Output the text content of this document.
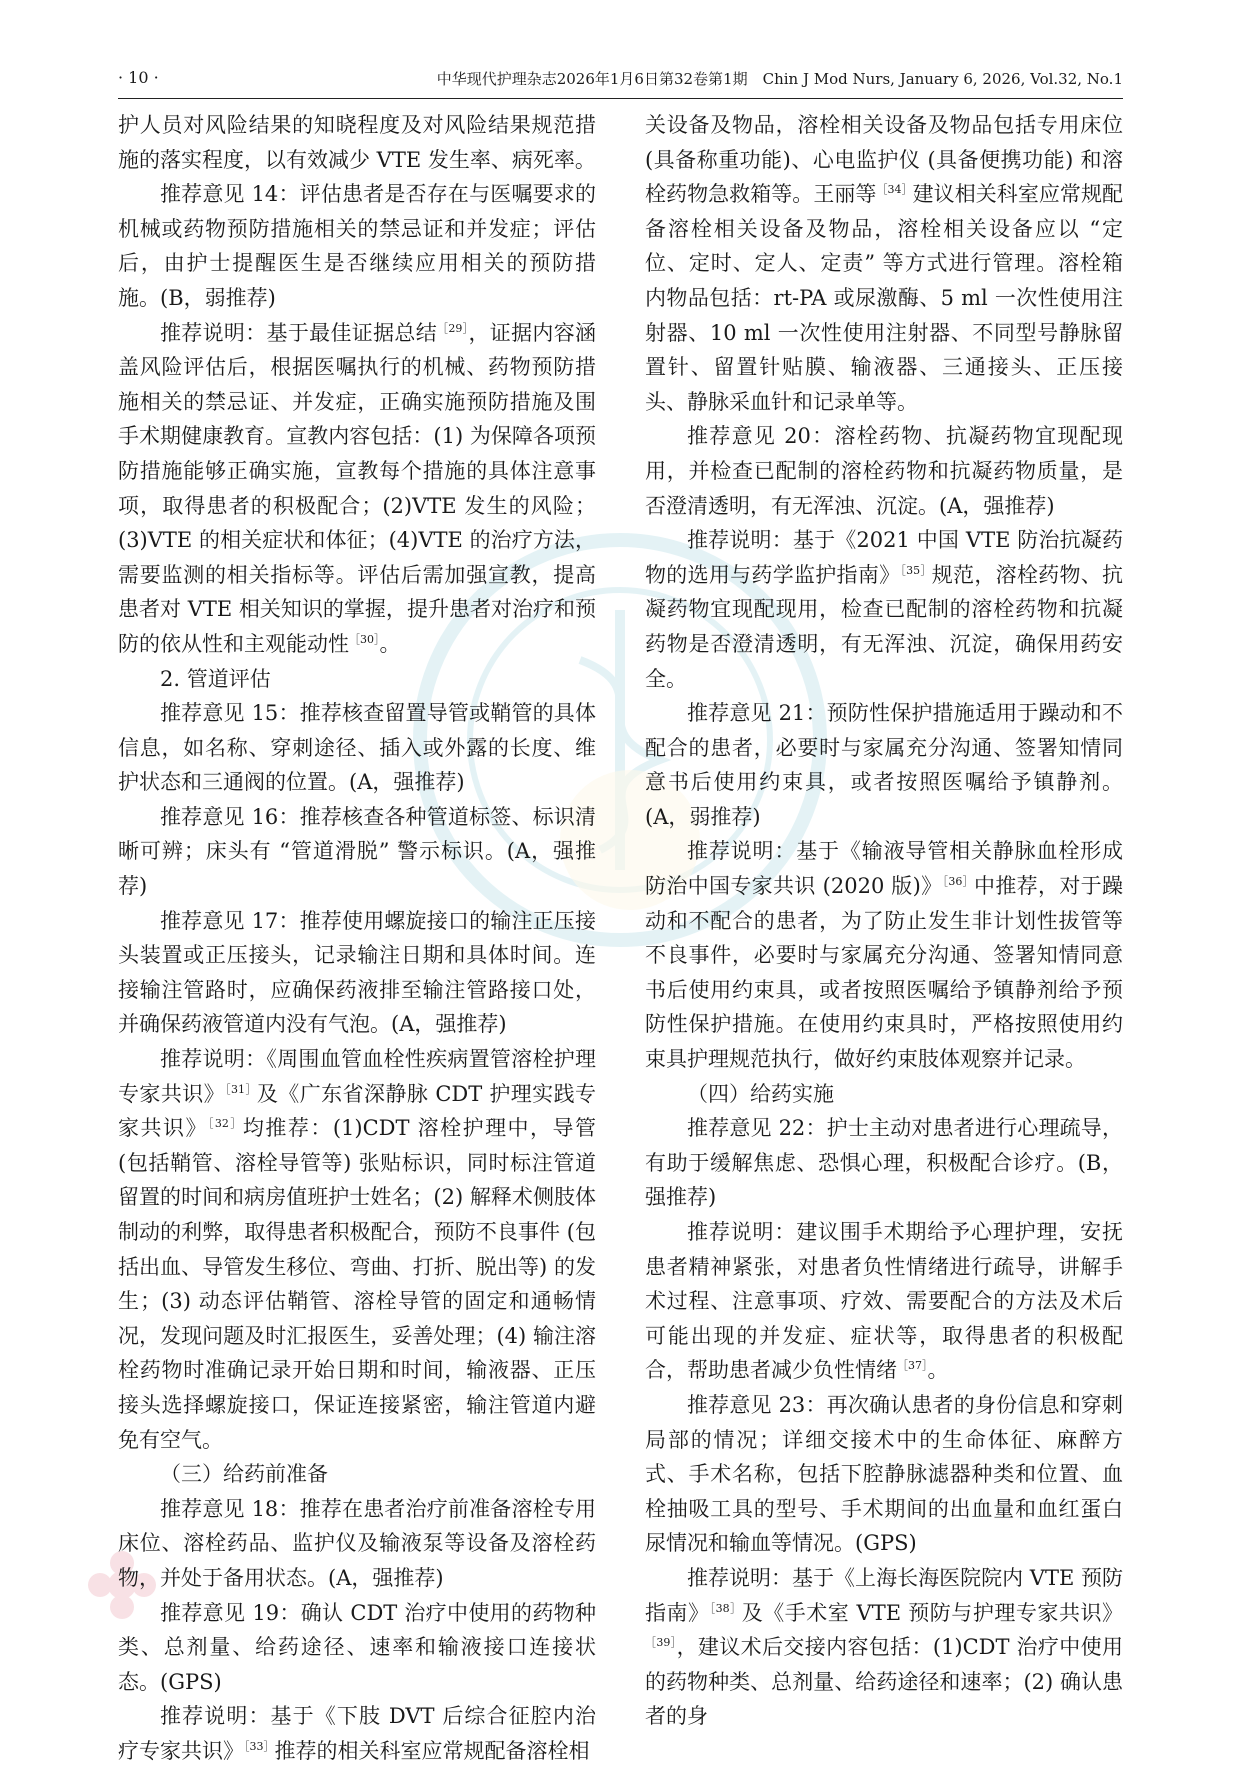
· 10 ·	中华现代护理杂志2026年1月6日第32卷第1期　Chin J Mod Nurs, January 6, 2026, Vol.32, No.1

护人员对风险结果的知晓程度及对风险结果规范措施的落实程度，以有效减少 VTE 发生率、病死率。

推荐意见 14：评估患者是否存在与医嘱要求的机械或药物预防措施相关的禁忌证和并发症；评估后，由护士提醒医生是否继续应用相关的预防措施。(B，弱推荐)

推荐说明：基于最佳证据总结$^{[29]}$，证据内容涵盖风险评估后，根据医嘱执行的机械、药物预防措施相关的禁忌证、并发症，正确实施预防措施及围手术期健康教育。宣教内容包括：(1) 为保障各项预防措施能够正确实施，宣教每个措施的具体注意事项，取得患者的积极配合；(2)VTE 发生的风险；(3)VTE 的相关症状和体征；(4)VTE 的治疗方法，需要监测的相关指标等。评估后需加强宣教，提高患者对 VTE 相关知识的掌握，提升患者对治疗和预防的依从性和主观能动性$^{[30]}$。

2. 管道评估

推荐意见 15：推荐核查留置导管或鞘管的具体信息，如名称、穿刺途径、插入或外露的长度、维护状态和三通阀的位置。(A，强推荐)

推荐意见 16：推荐核查各种管道标签、标识清晰可辨；床头有 “管道滑脱” 警示标识。(A，强推荐)

推荐意见 17：推荐使用螺旋接口的输注正压接头装置或正压接头，记录输注日期和具体时间。连接输注管路时，应确保药液排至输注管路接口处，并确保药液管道内没有气泡。(A，强推荐)

推荐说明：《周围血管血栓性疾病置管溶栓护理专家共识》$^{[31]}$及《广东省深静脉 CDT 护理实践专家共识》$^{[32]}$均推荐：(1)CDT 溶栓护理中，导管 (包括鞘管、溶栓导管等) 张贴标识，同时标注管道留置的时间和病房值班护士姓名；(2) 解释术侧肢体制动的利弊，取得患者积极配合，预防不良事件 (包括出血、导管发生移位、弯曲、打折、脱出等) 的发生；(3) 动态评估鞘管、溶栓导管的固定和通畅情况，发现问题及时汇报医生，妥善处理；(4) 输注溶栓药物时准确记录开始日期和时间，输液器、正压接头选择螺旋接口，保证连接紧密，输注管道内避免有空气。

（三）给药前准备

推荐意见 18：推荐在患者治疗前准备溶栓专用床位、溶栓药品、监护仪及输液泵等设备及溶栓药物，并处于备用状态。(A，强推荐)

推荐意见 19：确认 CDT 治疗中使用的药物种类、总剂量、给药途径、速率和输液接口连接状态。(GPS)

推荐说明：基于《下肢 DVT 后综合征腔内治疗专家共识》$^{[33]}$推荐的相关科室应常规配备溶栓相

关设备及物品，溶栓相关设备及物品包括专用床位 (具备称重功能)、心电监护仪 (具备便携功能) 和溶栓药物急救箱等。王丽等$^{[34]}$建议相关科室应常规配备溶栓相关设备及物品，溶栓相关设备应以 “定位、定时、定人、定责” 等方式进行管理。溶栓箱内物品包括：rt-PA 或尿激酶、5 ml 一次性使用注射器、10 ml 一次性使用注射器、不同型号静脉留置针、留置针贴膜、输液器、三通接头、正压接头、静脉采血针和记录单等。

推荐意见 20：溶栓药物、抗凝药物宜现配现用，并检查已配制的溶栓药物和抗凝药物质量，是否澄清透明，有无浑浊、沉淀。(A，强推荐)

推荐说明：基于《2021 中国 VTE 防治抗凝药物的选用与药学监护指南》$^{[35]}$规范，溶栓药物、抗凝药物宜现配现用，检查已配制的溶栓药物和抗凝药物是否澄清透明，有无浑浊、沉淀，确保用药安全。

推荐意见 21：预防性保护措施适用于躁动和不配合的患者，必要时与家属充分沟通、签署知情同意书后使用约束具，或者按照医嘱给予镇静剂。(A，弱推荐)

推荐说明：基于《输液导管相关静脉血栓形成防治中国专家共识 (2020 版)》$^{[36]}$中推荐，对于躁动和不配合的患者，为了防止发生非计划性拔管等不良事件，必要时与家属充分沟通、签署知情同意书后使用约束具，或者按照医嘱给予镇静剂给予预防性保护措施。在使用约束具时，严格按照使用约束具护理规范执行，做好约束肢体观察并记录。

（四）给药实施

推荐意见 22：护士主动对患者进行心理疏导，有助于缓解焦虑、恐惧心理，积极配合诊疗。(B，强推荐)

推荐说明：建议围手术期给予心理护理，安抚患者精神紧张，对患者负性情绪进行疏导，讲解手术过程、注意事项、疗效、需要配合的方法及术后可能出现的并发症、症状等，取得患者的积极配合，帮助患者减少负性情绪$^{[37]}$。

推荐意见 23：再次确认患者的身份信息和穿刺局部的情况；详细交接术中的生命体征、麻醉方式、手术名称，包括下腔静脉滤器种类和位置、血栓抽吸工具的型号、手术期间的出血量和血红蛋白尿情况和输血等情况。(GPS)

推荐说明：基于《上海长海医院院内 VTE 预防指南》$^{[38]}$及《手术室 VTE 预防与护理专家共识》$^{[39]}$，建议术后交接内容包括：(1)CDT 治疗中使用的药物种类、总剂量、给药途径和速率；(2) 确认患者的身
